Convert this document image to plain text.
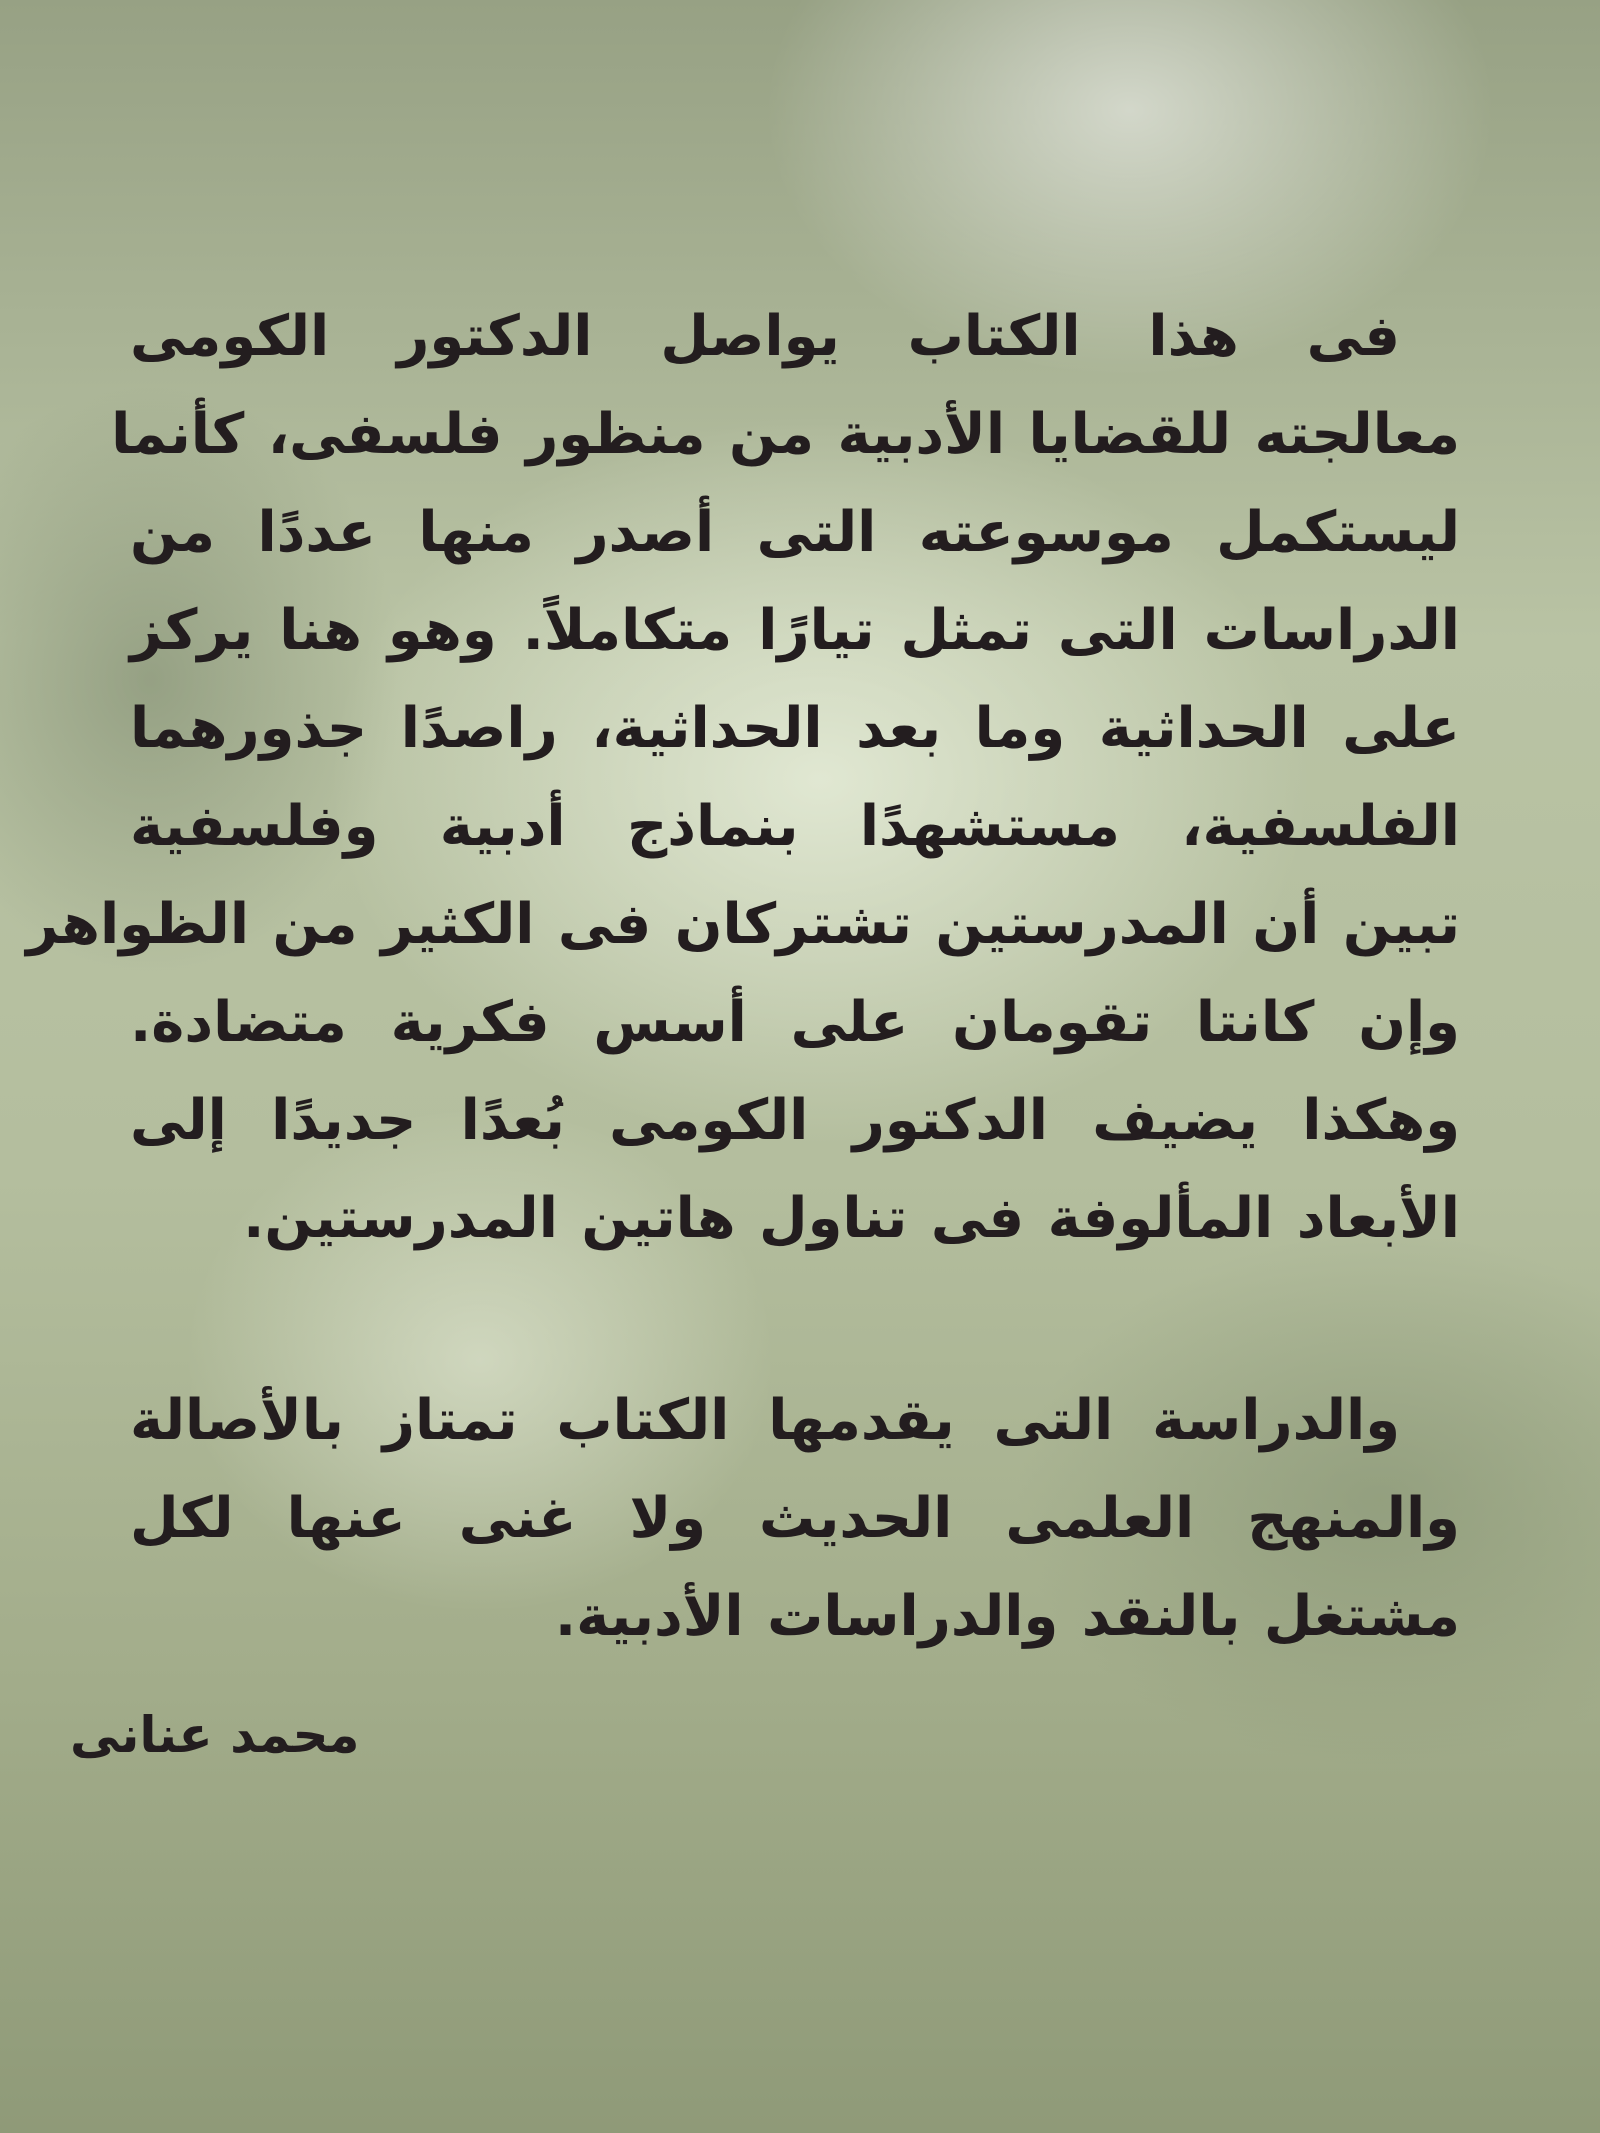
فى هذا الكتاب يواصل الدكتور الكومى
معالجته للقضايا الأدبية من منظور فلسفى، كأنما
ليستكمل موسوعته التى أصدر منها عددًا من
الدراسات التى تمثل تيارًا متكاملاً. وهو هنا يركز
على الحداثية وما بعد الحداثية، راصدًا جذورهما
الفلسفية، مستشهدًا بنماذج أدبية وفلسفية
تبين أن المدرستين تشتركان فى الكثير من الظواهر
وإن كانتا تقومان على أسس فكرية متضادة.
وهكذا يضيف الدكتور الكومى بُعدًا جديدًا إلى
الأبعاد المألوفة فى تناول هاتين المدرستين.
والدراسة التى يقدمها الكتاب تمتاز بالأصالة
والمنهج العلمى الحديث ولا غنى عنها لكل
مشتغل بالنقد والدراسات الأدبية.

محمد عنانى
